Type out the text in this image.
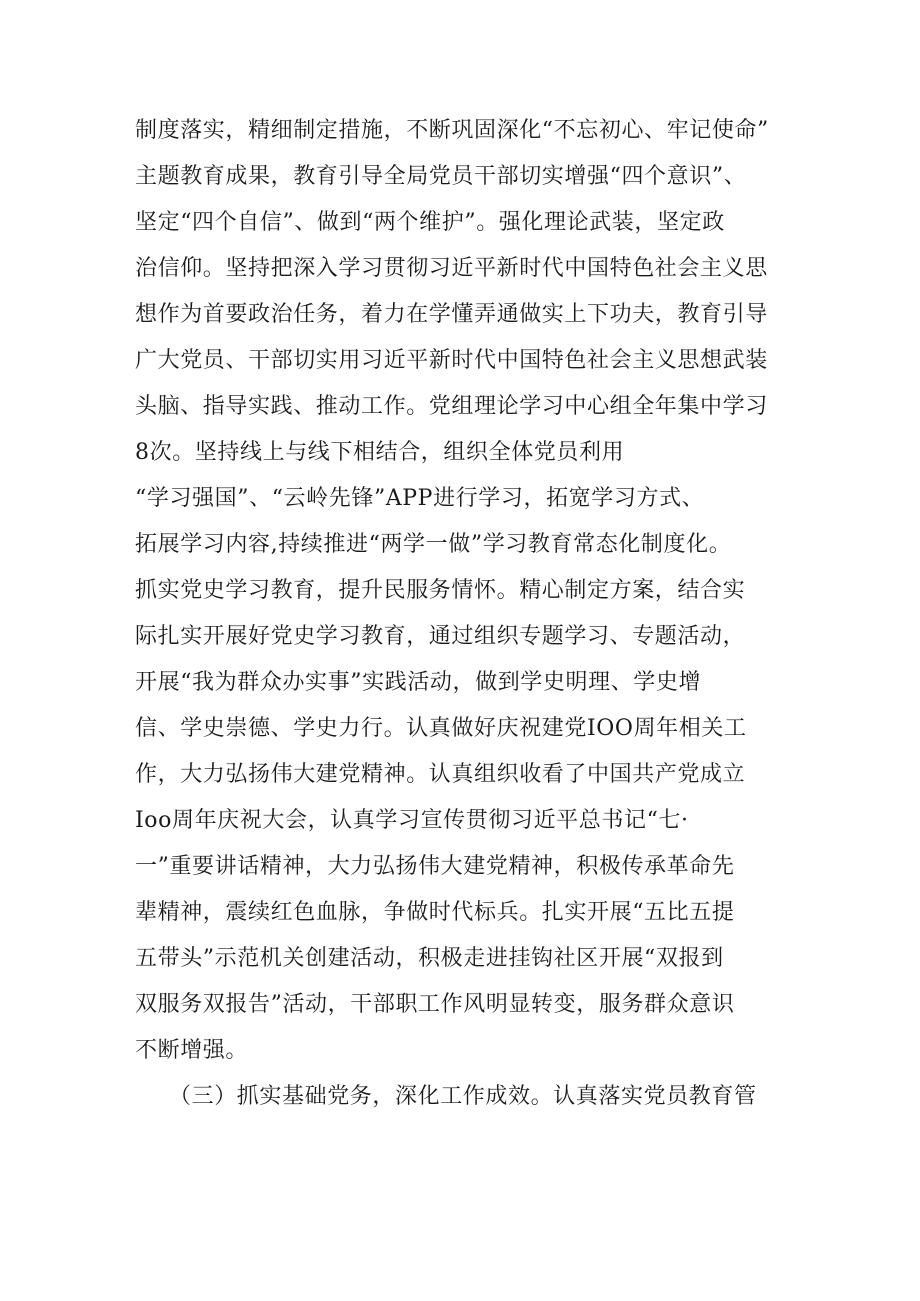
制度落实，精细制定措施，不断巩固深化“不忘初心、牢记使命”
主题教育成果，教育引导全局党员干部切实增强“四个意识”、
坚定“四个自信”、做到“两个维护”。强化理论武装，坚定政
治信仰。坚持把深入学习贯彻习近平新时代中国特色社会主义思
想作为首要政治任务，着力在学懂弄通做实上下功夫，教育引导
广大党员、干部切实用习近平新时代中国特色社会主义思想武装
头脑、指导实践、推动工作。党组理论学习中心组全年集中学习
8次。坚持线上与线下相结合，组织全体党员利用
“学习强国”、“云岭先锋”APP进行学习，拓宽学习方式、
拓展学习内容,持续推进“两学一做”学习教育常态化制度化。
抓实党史学习教育，提升民服务情怀。精心制定方案，结合实
际扎实开展好党史学习教育，通过组织专题学习、专题活动，
开展“我为群众办实事”实践活动，做到学史明理、学史增
信、学史崇德、学史力行。认真做好庆祝建党IOO周年相关工
作，大力弘扬伟大建党精神。认真组织收看了中国共产党成立
Ioo周年庆祝大会，认真学习宣传贯彻习近平总书记“七·
一”重要讲话精神，大力弘扬伟大建党精神，积极传承革命先
辈精神，震续红色血脉，争做时代标兵。扎实开展“五比五提
五带头”示范机关创建活动，积极走进挂钩社区开展“双报到
双服务双报告”活动，干部职工作风明显转变，服务群众意识
不断增强。
（三）抓实基础党务，深化工作成效。认真落实党员教育管
